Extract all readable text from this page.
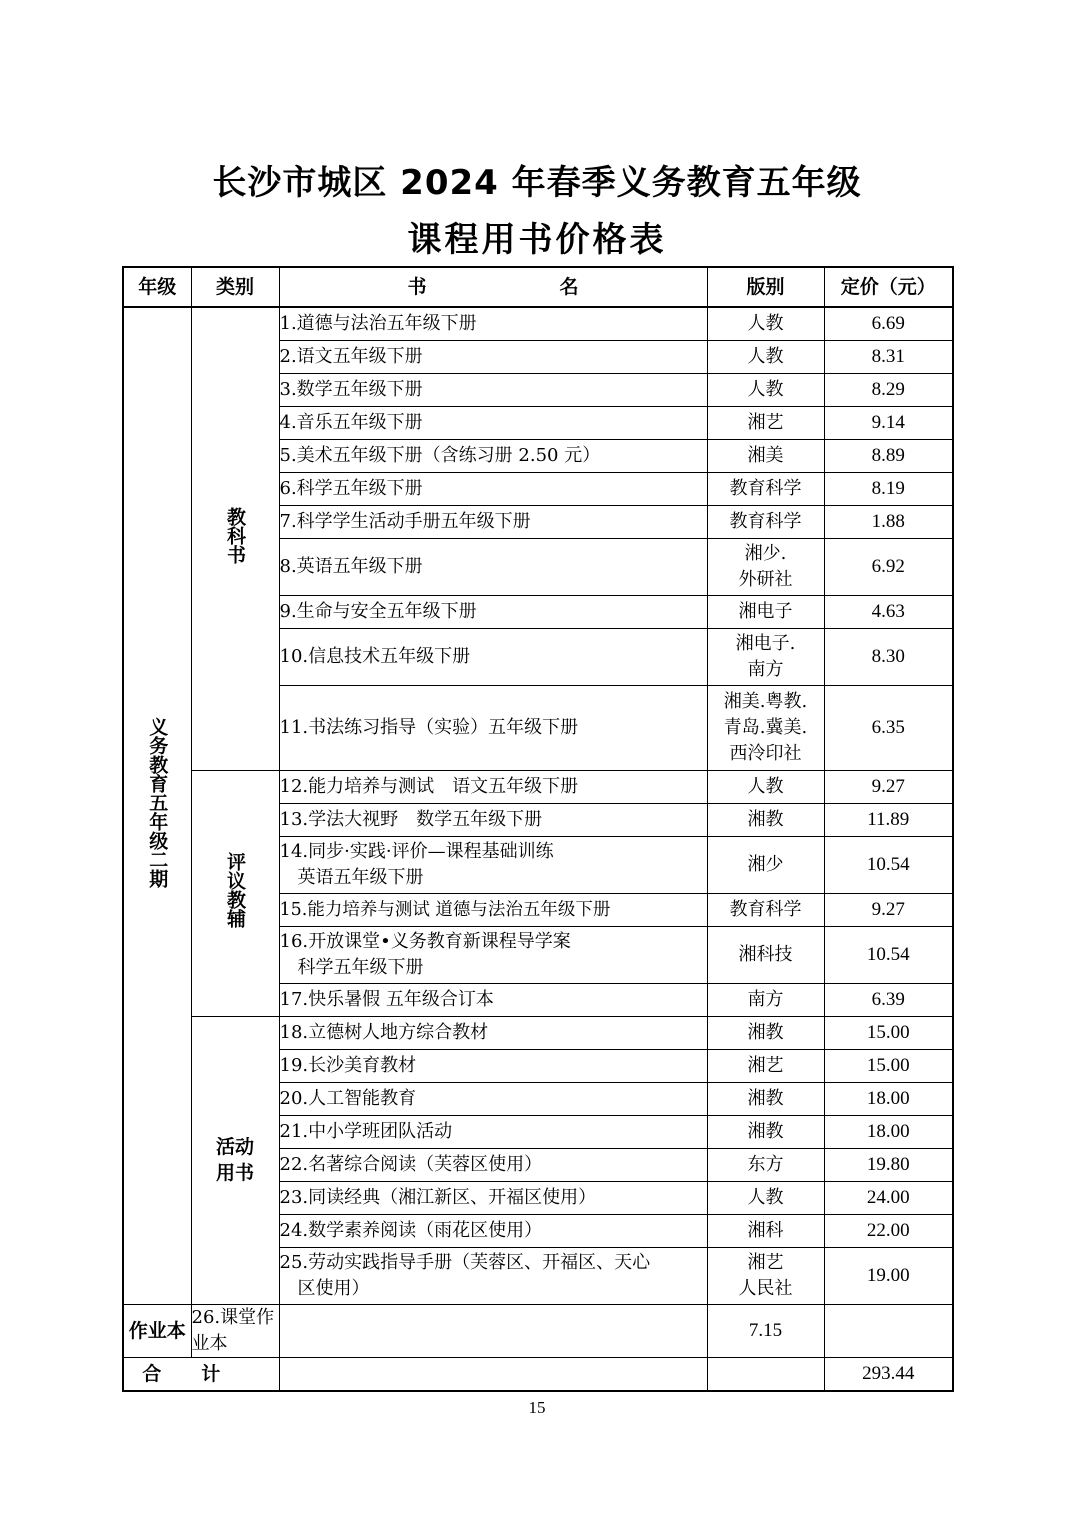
长沙市城区 2024 年春季义务教育五年级
课程用书价格表
年级	类别	书　　　　　　　名	版别	定价（元）
义务教育五年级二期	教科书	1.道德与法治五年级下册	人教	6.69
		2.语文五年级下册	人教	8.31
		3.数学五年级下册	人教	8.29
		4.音乐五年级下册	湘艺	9.14
		5.美术五年级下册（含练习册 2.50 元）	湘美	8.89
		6.科学五年级下册	教育科学	8.19
		7.科学学生活动手册五年级下册	教育科学	1.88
		8.英语五年级下册	湘少.
外研社	6.92
		9.生命与安全五年级下册	湘电子	4.63
		10.信息技术五年级下册	湘电子.
南方	8.30
		11.书法练习指导（实验）五年级下册	湘美.粤教.
青岛.冀美.
西泠印社	6.35
	评议教辅	12.能力培养与测试　语文五年级下册	人教	9.27
		13.学法大视野　数学五年级下册	湘教	11.89

		14.同步·实践·评价—课程基础训练
英语五年级下册	湘少	10.54
		15.能力培养与测试 道德与法治五年级下册	教育科学	9.27

		16.开放课堂•义务教育新课程导学案
科学五年级下册	湘科技	10.54
		17.快乐暑假 五年级合订本	南方	6.39
	活动用书	18.立德树人地方综合教材	湘教	15.00
		19.长沙美育教材	湘艺	15.00
		20.人工智能教育	湘教	18.00
		21.中小学班团队活动	湘教	18.00
		22.名著综合阅读（芙蓉区使用）	东方	19.80
		23.同读经典（湘江新区、开福区使用）	人教	24.00
		24.数学素养阅读（雨花区使用）	湘科	22.00

		25.劳动实践指导手册（芙蓉区、开福区、天心
区使用）	湘艺
人民社	19.00
作业本	26.课堂作业本		7.15	
合计				293.44
15
